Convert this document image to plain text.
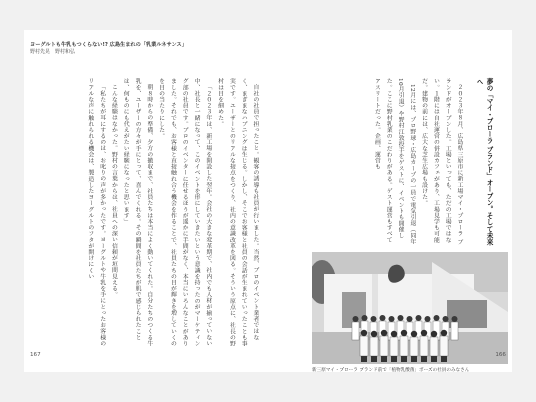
ヨーグルトも牛乳もつくらない!? 広島生まれの「乳業ルネサンス」
野村先晃　野村和弘

自社の社員で担ったこと。観客の誘導も社員が行いました。当然、プロのイベント業者ではなく、まぎまなハプニングは生じる。しかし、そこでお客様と社員の会話が生まれていったことも事実です。ユーザーとのリアルな接点をつくり、社内の意識改革を図る。そういう原点に、社長の野村は目を細めた。

「２０２３年は、新工場を開設した翌年。会社の大きな変革期で、社内でも人材が揃っていない中、社長と一緒になって、このイベントを形にしていきたいという意識を持ったのがマーケティング部の社員です。プロのイベンターに任せるほうが遥かに手間がなく、本当にいろんなことがありました。それでも、お客様と直接触れ合う機会を作ることで、社員たちの目が輝きを増していくのを目の当たりにした。

朝８時からの準備、夕方の撤収まで、社員たちは本当によく動いてくれた。自分たちのつくる牛乳を、ユーザーの方々が手にとって、喜んでくれる。その瞬間を社員たちが肌で感じられたことは、何ものにも代えがたい経験になったと思います」

こんな経験はなかった。野村の言葉からは、社員への深い信頼が垣間見える。

「私たちが耳にするのは、お叱りの声が多かったです。ヨーグルトや牛乳を手にとったお客様のリアルな声に触れられる機会は、製造したヨーグルトのフタが開けにくい

167
夢の「マイ・プローラ ブランド」オープン。そして未来へ

２０２３年８月、広島県三原市に新工場マイ・プローラ ブランドがオープンした。工場といっても、ただの工場ではない。１階には自社運営の併設カフェがあり、工場見学も可能だ。建物の前には、広大な芝生広場も設けた。

12月には、プロ野球・広島カープの一員で電気引退（同年10月引退）や野村江敦投手をゲストに、イベントも開催した。ここに野村乳業のこだわりがある。ゲスト運営もすべてアスリートだった。企画、運営も

新三原マイ・プローラ ブランド前で「植物乳酸菌」ポーズの社員のみなさん
166
